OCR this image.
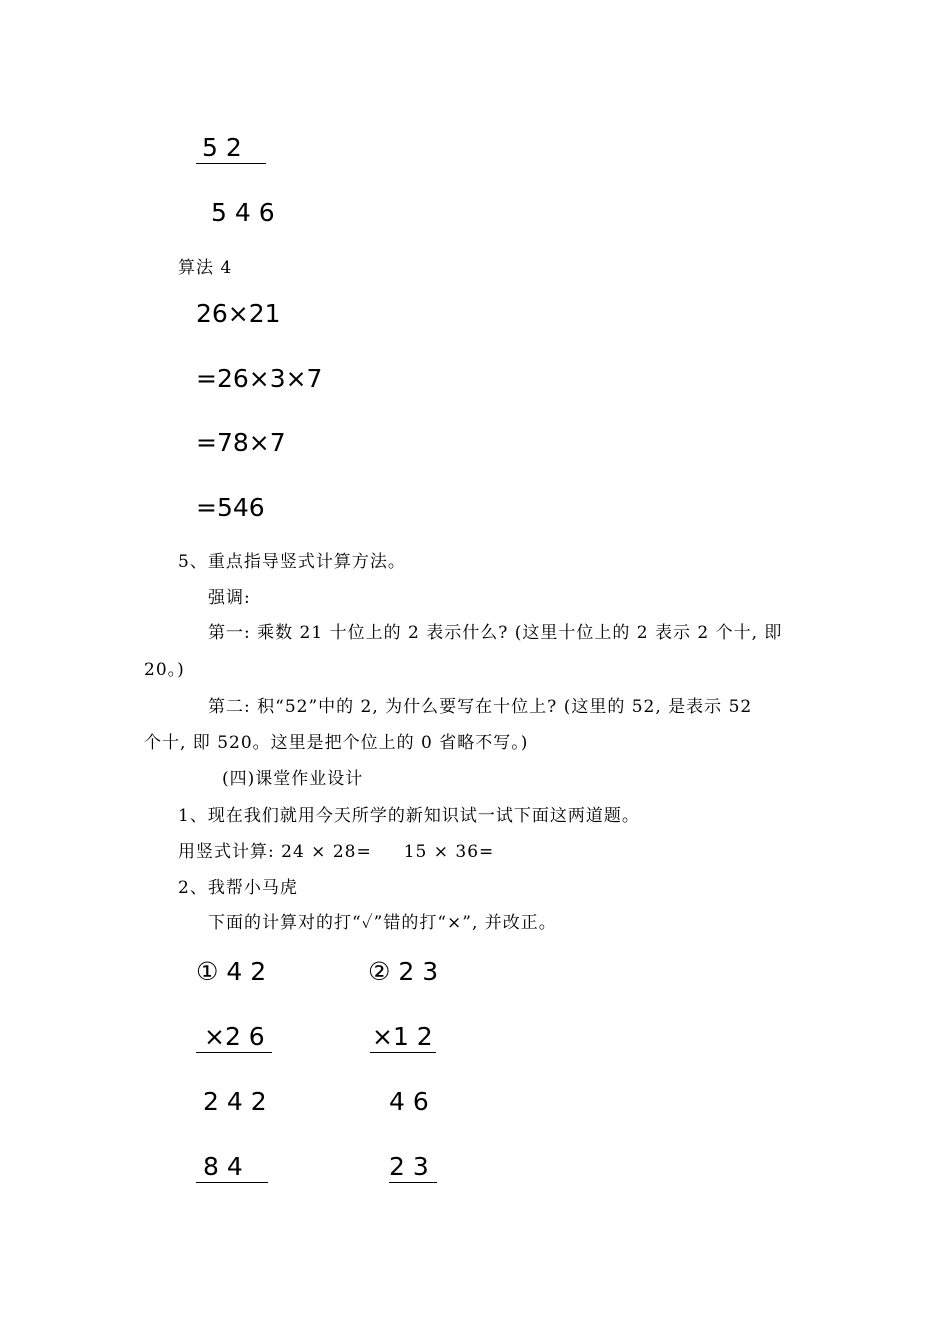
5 2
5 4 6
算法 4
26×21
=26×3×7
=78×7
=546
5、重点指导竖式计算方法。
强调:
第一: 乘数 21 十位上的 2 表示什么? (这里十位上的 2 表示 2 个十, 即
20。)
第二: 积“52”中的 2, 为什么要写在十位上? (这里的 52, 是表示 52
个十, 即 520。这里是把个位上的 0 省略不写。)
(四)课堂作业设计
1、现在我们就用今天所学的新知识试一试下面这两道题。
用竖式计算: 24 × 28=     15 × 36=
2、我帮小马虎
下面的计算对的打“✓”错的打“×”, 并改正。
① 4 2
×2 6
2 4 2
8 4
② 2 3
×1 2
4 6
2 3
